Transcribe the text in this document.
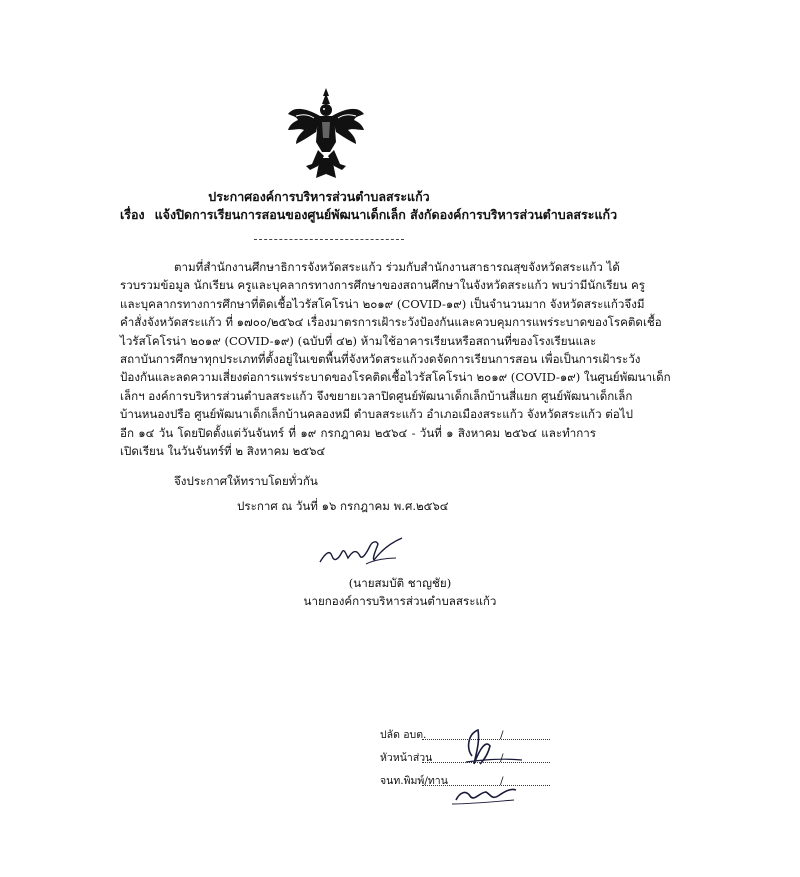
ประกาศองค์การบริหารส่วนตำบลสระแก้ว
เรื่อง แจ้งปิดการเรียนการสอนของศูนย์พัฒนาเด็กเล็ก สังกัดองค์การบริหารส่วนตำบลสระแก้ว
ตามที่สำนักงานศึกษาธิการจังหวัดสระแก้ว ร่วมกับสำนักงานสาธารณสุขจังหวัดสระแก้ว ได้
รวบรวมข้อมูล นักเรียน ครูและบุคลากรทางการศึกษาของสถานศึกษาในจังหวัดสระแก้ว พบว่ามีนักเรียน ครู
และบุคลากรทางการศึกษาที่ติดเชื้อไวรัสโคโรน่า ๒๐๑๙ (COVID-๑๙) เป็นจำนวนมาก จังหวัดสระแก้วจึงมี
คำสั่งจังหวัดสระแก้ว ที่ ๑๗๐๐/๒๕๖๔ เรื่องมาตรการเฝ้าระวังป้องกันและควบคุมการแพร่ระบาดของโรคติดเชื้อ
ไวรัสโคโรน่า ๒๐๑๙ (COVID-๑๙) (ฉบับที่ ๔๒) ห้ามใช้อาคารเรียนหรือสถานที่ของโรงเรียนและ
สถาบันการศึกษาทุกประเภทที่ตั้งอยู่ในเขตพื้นที่จังหวัดสระแก้วงดจัดการเรียนการสอน เพื่อเป็นการเฝ้าระวัง
ป้องกันและลดความเสี่ยงต่อการแพร่ระบาดของโรคติดเชื้อไวรัสโคโรน่า ๒๐๑๙ (COVID-๑๙) ในศูนย์พัฒนาเด็ก
เล็กฯ องค์การบริหารส่วนตำบลสระแก้ว จึงขยายเวลาปิดศูนย์พัฒนาเด็กเล็กบ้านสี่แยก ศูนย์พัฒนาเด็กเล็ก
บ้านหนองปรือ ศูนย์พัฒนาเด็กเล็กบ้านคลองหมี ตำบลสระแก้ว อำเภอเมืองสระแก้ว จังหวัดสระแก้ว ต่อไป
อีก ๑๔ วัน โดยปิดตั้งแต่วันจันทร์ ที่ ๑๙ กรกฎาคม ๒๕๖๔ - วันที่ ๑ สิงหาคม ๒๕๖๔ และทำการ
เปิดเรียน ในวันจันทร์ที่ ๒ สิงหาคม ๒๕๖๔
จึงประกาศให้ทราบโดยทั่วกัน
ประกาศ ณ วันที่ ๑๖ กรกฎาคม พ.ศ.๒๕๖๔
(นายสมบัติ ชาญชัย)
นายกองค์การบริหารส่วนตำบลสระแก้ว
ปลัด อบต.	/
หัวหน้าส่วน	/
จนท.พิมพ์/ทาน	/
